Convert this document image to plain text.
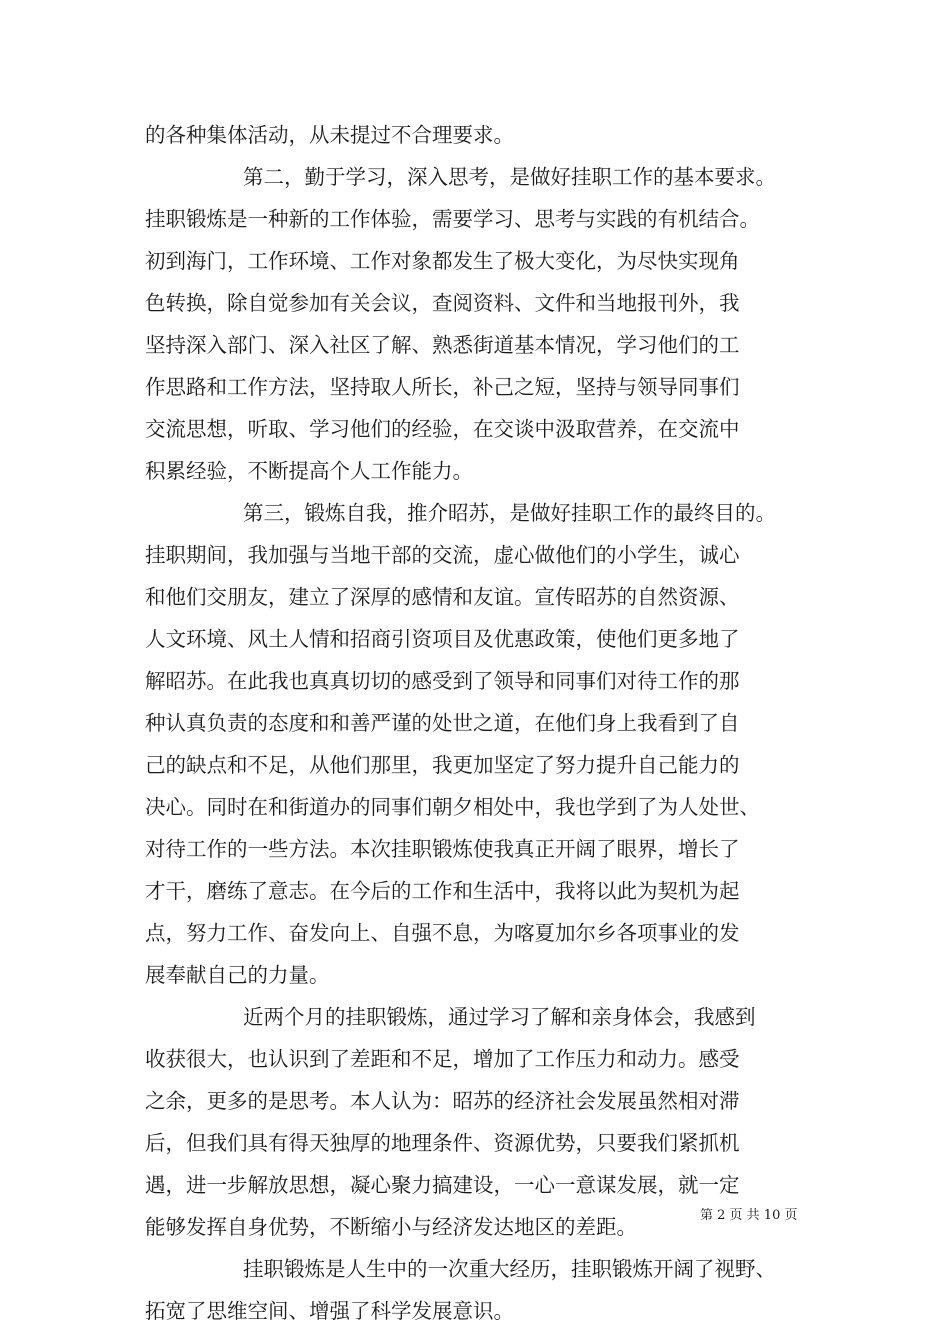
的各种集体活动，从未提过不合理要求。
第二，勤于学习，深入思考，是做好挂职工作的基本要求。
挂职锻炼是一种新的工作体验，需要学习、思考与实践的有机结合。
初到海门，工作环境、工作对象都发生了极大变化，为尽快实现角
色转换，除自觉参加有关会议，查阅资料、文件和当地报刊外，我
坚持深入部门、深入社区了解、熟悉街道基本情况，学习他们的工
作思路和工作方法，坚持取人所长，补己之短，坚持与领导同事们
交流思想，听取、学习他们的经验，在交谈中汲取营养，在交流中
积累经验，不断提高个人工作能力。
第三，锻炼自我，推介昭苏，是做好挂职工作的最终目的。
挂职期间，我加强与当地干部的交流，虚心做他们的小学生，诚心
和他们交朋友，建立了深厚的感情和友谊。宣传昭苏的自然资源、
人文环境、风土人情和招商引资项目及优惠政策，使他们更多地了
解昭苏。在此我也真真切切的感受到了领导和同事们对待工作的那
种认真负责的态度和和善严谨的处世之道，在他们身上我看到了自
己的缺点和不足，从他们那里，我更加坚定了努力提升自己能力的
决心。同时在和街道办的同事们朝夕相处中，我也学到了为人处世、
对待工作的一些方法。本次挂职锻炼使我真正开阔了眼界，增长了
才干，磨练了意志。在今后的工作和生活中，我将以此为契机为起
点，努力工作、奋发向上、自强不息，为喀夏加尔乡各项事业的发
展奉献自己的力量。
近两个月的挂职锻炼，通过学习了解和亲身体会，我感到
收获很大，也认识到了差距和不足，增加了工作压力和动力。感受
之余，更多的是思考。本人认为：昭苏的经济社会发展虽然相对滞
后，但我们具有得天独厚的地理条件、资源优势，只要我们紧抓机
遇，进一步解放思想，凝心聚力搞建设，一心一意谋发展，就一定
能够发挥自身优势，不断缩小与经济发达地区的差距。
挂职锻炼是人生中的一次重大经历，挂职锻炼开阔了视野、
拓宽了思维空间、增强了科学发展意识。
第 2 页 共 10 页
